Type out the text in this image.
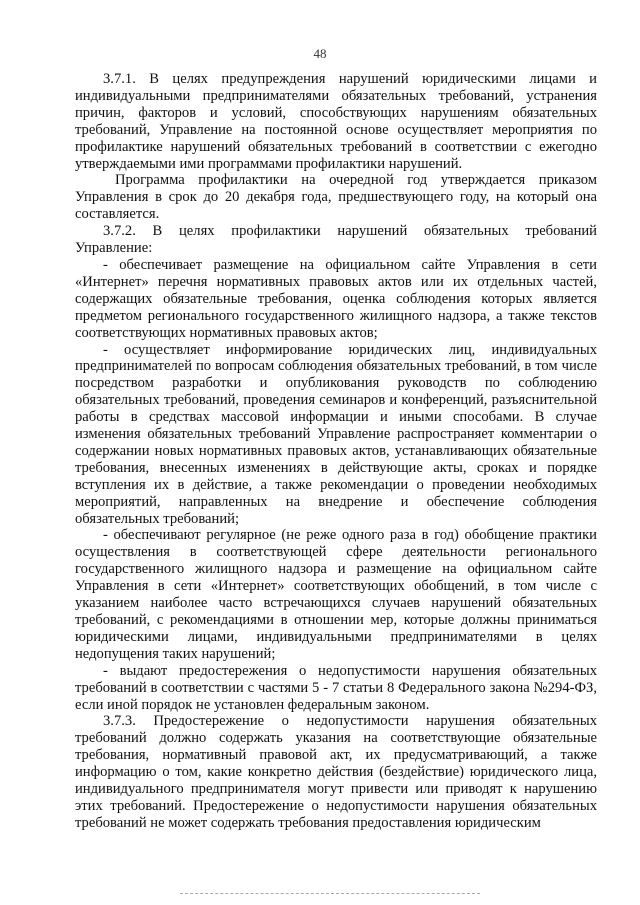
48

3.7.1. В целях предупреждения нарушений юридическими лицами и индивидуальными предпринимателями обязательных требований, устранения причин, факторов и условий, способствующих нарушениям обязательных требований, Управление на постоянной основе осуществляет мероприятия по профилактике нарушений обязательных требований в соответствии с ежегодно утверждаемыми ими программами профилактики нарушений.

Программа профилактики на очередной год утверждается приказом Управления в срок до 20 декабря года, предшествующего году, на который она составляется.

3.7.2. В целях профилактики нарушений обязательных требований Управление:

- обеспечивает размещение на официальном сайте Управления в сети «Интернет» перечня нормативных правовых актов или их отдельных частей, содержащих обязательные требования, оценка соблюдения которых является предметом регионального государственного жилищного надзора, а также текстов соответствующих нормативных правовых актов;

- осуществляет информирование юридических лиц, индивидуальных предпринимателей по вопросам соблюдения обязательных требований, в том числе посредством разработки и опубликования руководств по соблюдению обязательных требований, проведения семинаров и конференций, разъяснительной работы в средствах массовой информации и иными способами. В случае изменения обязательных требований Управление распространяет комментарии о содержании новых нормативных правовых актов, устанавливающих обязательные требования, внесенных изменениях в действующие акты, сроках и порядке вступления их в действие, а также рекомендации о проведении необходимых мероприятий, направленных на внедрение и обеспечение соблюдения обязательных требований;

- обеспечивают регулярное (не реже одного раза в год) обобщение практики осуществления в соответствующей сфере деятельности регионального государственного жилищного надзора и размещение на официальном сайте Управления в сети «Интернет» соответствующих обобщений, в том числе с указанием наиболее часто встречающихся случаев нарушений обязательных требований, с рекомендациями в отношении мер, которые должны приниматься юридическими лицами, индивидуальными предпринимателями в целях недопущения таких нарушений;

- выдают предостережения о недопустимости нарушения обязательных требований в соответствии с частями 5 - 7 статьи 8 Федерального закона №294-ФЗ, если иной порядок не установлен федеральным законом.

3.7.3. Предостережение о недопустимости нарушения обязательных требований должно содержать указания на соответствующие обязательные требования, нормативный правовой акт, их предусматривающий, а также информацию о том, какие конкретно действия (бездействие) юридического лица, индивидуального предпринимателя могут привести или приводят к нарушению этих требований. Предостережение о недопустимости нарушения обязательных требований не может содержать требования предоставления юридическим
